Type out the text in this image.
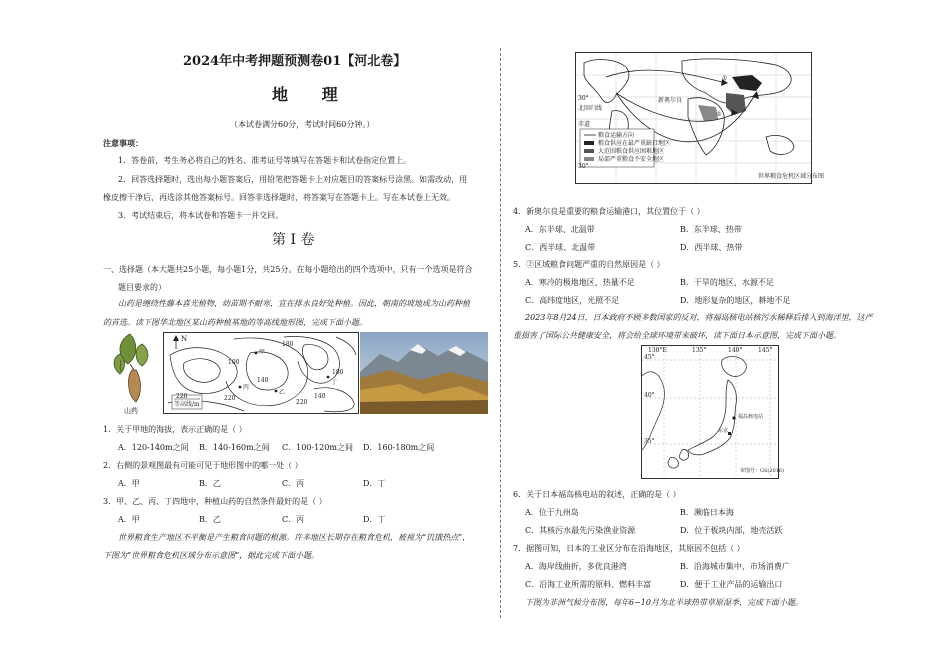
2024年中考押题预测卷01【河北卷】
地 理
（本试卷满分60分，考试时间60分钟。）
注意事项：
1．答卷前，考生务必将自己的姓名、准考证号等填写在答题卡和试卷指定位置上。
2．回答选择题时，选出每小题答案后，用铅笔把答题卡上对应题目的答案标号涂黑。如需改动，用
橡皮擦干净后，再选涂其他答案标号。回答非选择题时，将答案写在答题卡上。写在本试卷上无效。
3．考试结束后，将本试卷和答题卡一并交回。
第 Ⅰ 卷
一、选择题（本大题共25小题，每小题1分，共25分。在每小题给出的四个选项中，只有一个选项是符合
题目要求的）
山药是缠绕性藤本喜光植物，幼苗期不耐寒，宜在排水良好处种植。因此，朝南的坡地成为山药种植
的首选。读下图华北地区某山药种植基地的等高线地形图，完成下面小题。
山药
N
100
180
甲
140
丙
乙
220
220
140
180
丁
220
等高线/m
1．关于甲地的海拔，表示正确的是（ ）
A．120-140m之间 B．140-160m之间 C．100-120m之间 D．160-180m之间
2．右侧的景观图最有可能可见于地形图中的哪一处（ ）
A．甲	B．乙	C．丙	D．丁
3．甲、乙、丙、丁四地中，种植山药的自然条件最好的是（ ）
A．甲	B．乙	C．丙	D．丁
世界粮食生产地区不平衡是产生粮食问题的根源。许多地区长期存在粮食危机，被视为“饥饿热点”，
下图为“世界粮食危机区域分布示意图”，据此完成下面小题。
新奥尔良
30°
北回归线
赤道
30°
①
②
粮食运输方向
粮食供应在最严重缺口地区
大范围粮食供应困难地区
局部严重粮食不安全地区
世界粮食危机区域分布图
4．新奥尔良是重要的粮食运输港口，其位置位于（ ）
A．东半球、北温带	B．东半球、热带
C．西半球、北温带	D．西半球、热带
5．②区域粮食问题严重的自然原因是（ ）
A．寒冷的极地地区，热量不足	B．干旱的地区，水源不足
C．高纬度地区，光照不足	D．地形复杂的地区，耕地不足
2023年8月24日，日本政府不顾多数国家的反对，将福岛核电站核污水稀释后排入到海洋里，这严
重损害了国际公共健康安全，将会给全球环境带来破坏，读下面日本示意图，完成下面小题。
130°E	135°	140°	145°
45°
40°
35°
福岛核电站
东京
审图号：GS(2016)
6．关于日本福岛核电站的叙述，正确的是（ ）
A．位于九州岛	B．濒临日本海
C．其核污水最先污染渔业资源	D．位于板块内部，地壳活跃
7．据图可知，日本的工业区分布在沿海地区，其原因不包括（ ）
A．海岸线曲折，多优良港湾	B．沿海城市集中，市场消费广
C．沿海工业所需的原料、燃料丰富	D．便于工业产品的运输出口
下图为非洲气候分布图，每年6~10月为北半球热带草原湿季，完成下面小题。
